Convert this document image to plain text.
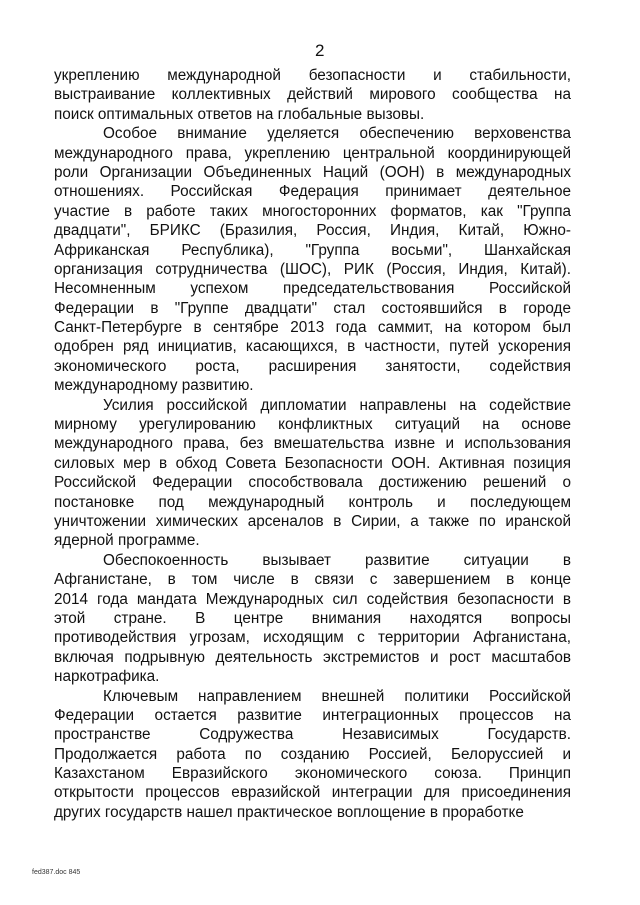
2
укреплению международной безопасности и стабильности,
выстраивание коллективных действий мирового сообщества на
поиск оптимальных ответов на глобальные вызовы.
Особое внимание уделяется обеспечению верховенства
международного права, укреплению центральной координирующей
роли Организации Объединенных Наций (ООН) в международных
отношениях. Российская Федерация принимает деятельное
участие в работе таких многосторонних форматов, как "Группа
двадцати", БРИКС (Бразилия, Россия, Индия, Китай, Южно-
Африканская Республика), "Группа восьми", Шанхайская
организация сотрудничества (ШОС), РИК (Россия, Индия, Китай).
Несомненным успехом председательствования Российской
Федерации в "Группе двадцати" стал состоявшийся в городе
Санкт-Петербурге в сентябре 2013 года саммит, на котором был
одобрен ряд инициатив, касающихся, в частности, путей ускорения
экономического роста, расширения занятости, содействия
международному развитию.
Усилия российской дипломатии направлены на содействие
мирному урегулированию конфликтных ситуаций на основе
международного права, без вмешательства извне и использования
силовых мер в обход Совета Безопасности ООН. Активная позиция
Российской Федерации способствовала достижению решений о
постановке под международный контроль и последующем
уничтожении химических арсеналов в Сирии, а также по иранской
ядерной программе.
Обеспокоенность вызывает развитие ситуации в
Афганистане, в том числе в связи с завершением в конце
2014 года мандата Международных сил содействия безопасности в
этой стране. В центре внимания находятся вопросы
противодействия угрозам, исходящим с территории Афганистана,
включая подрывную деятельность экстремистов и рост масштабов
наркотрафика.
Ключевым направлением внешней политики Российской
Федерации остается развитие интеграционных процессов на
пространстве Содружества Независимых Государств.
Продолжается работа по созданию Россией, Белоруссией и
Казахстаном Евразийского экономического союза. Принцип
открытости процессов евразийской интеграции для присоединения
других государств нашел практическое воплощение в проработке
fed387.doc 845
